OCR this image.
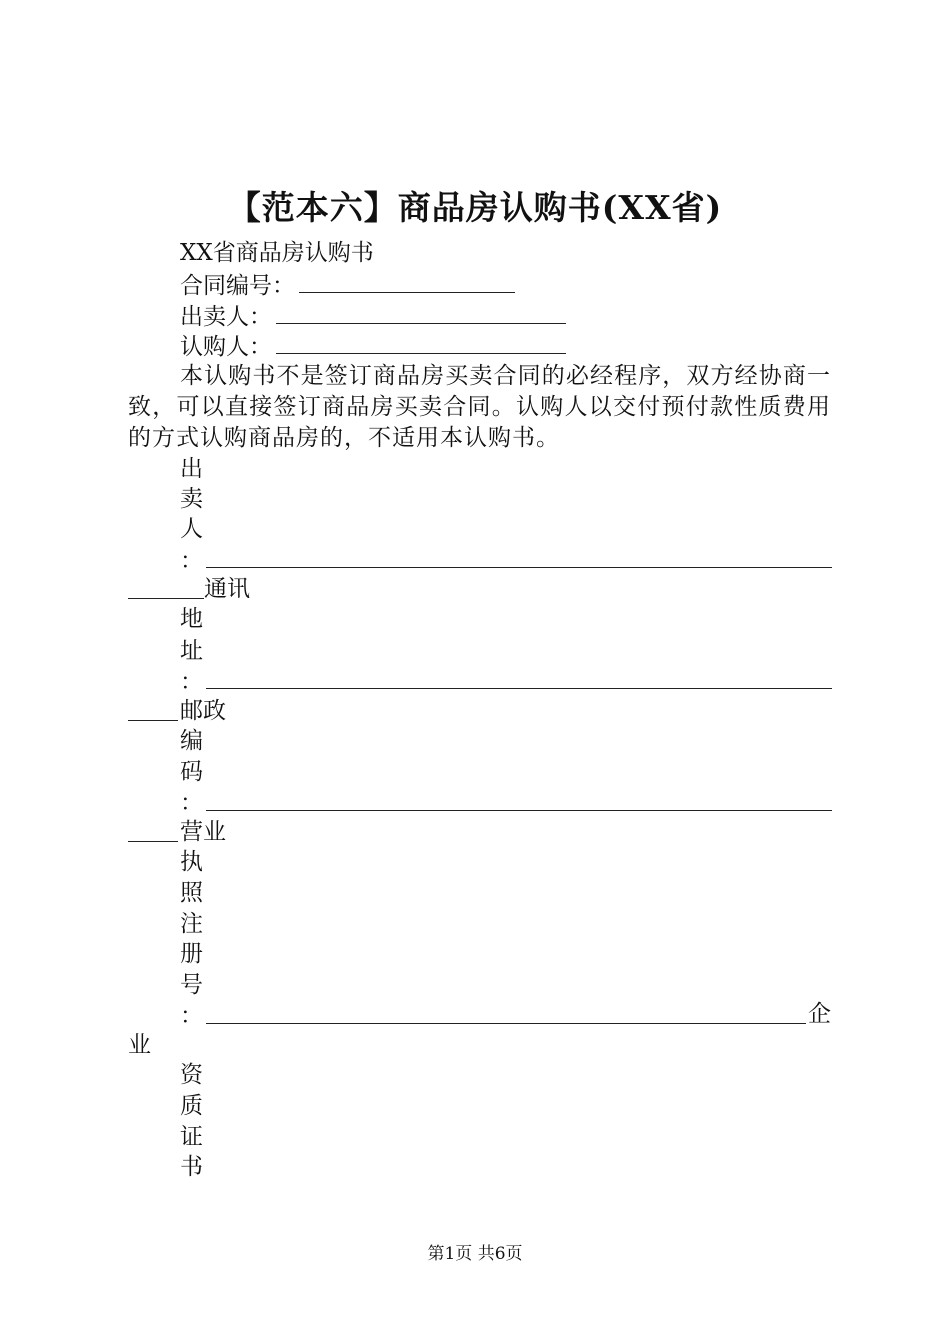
【范本六】商品房认购书(XX省)
XX省商品房认购书
合同编号：
出卖人：
认购人：
本认购书不是签订商品房买卖合同的必经程序，双方经协商一致，可以直接签订商品房买卖合同。认购人以交付预付款性质费用的方式认购商品房的，不适用本认购书。
出
卖
人
：
通讯
地
址
：
邮政
编
码
：
营业
执
照
注
册
号
：	企
业
资
质
证
书
第1页 共6页
